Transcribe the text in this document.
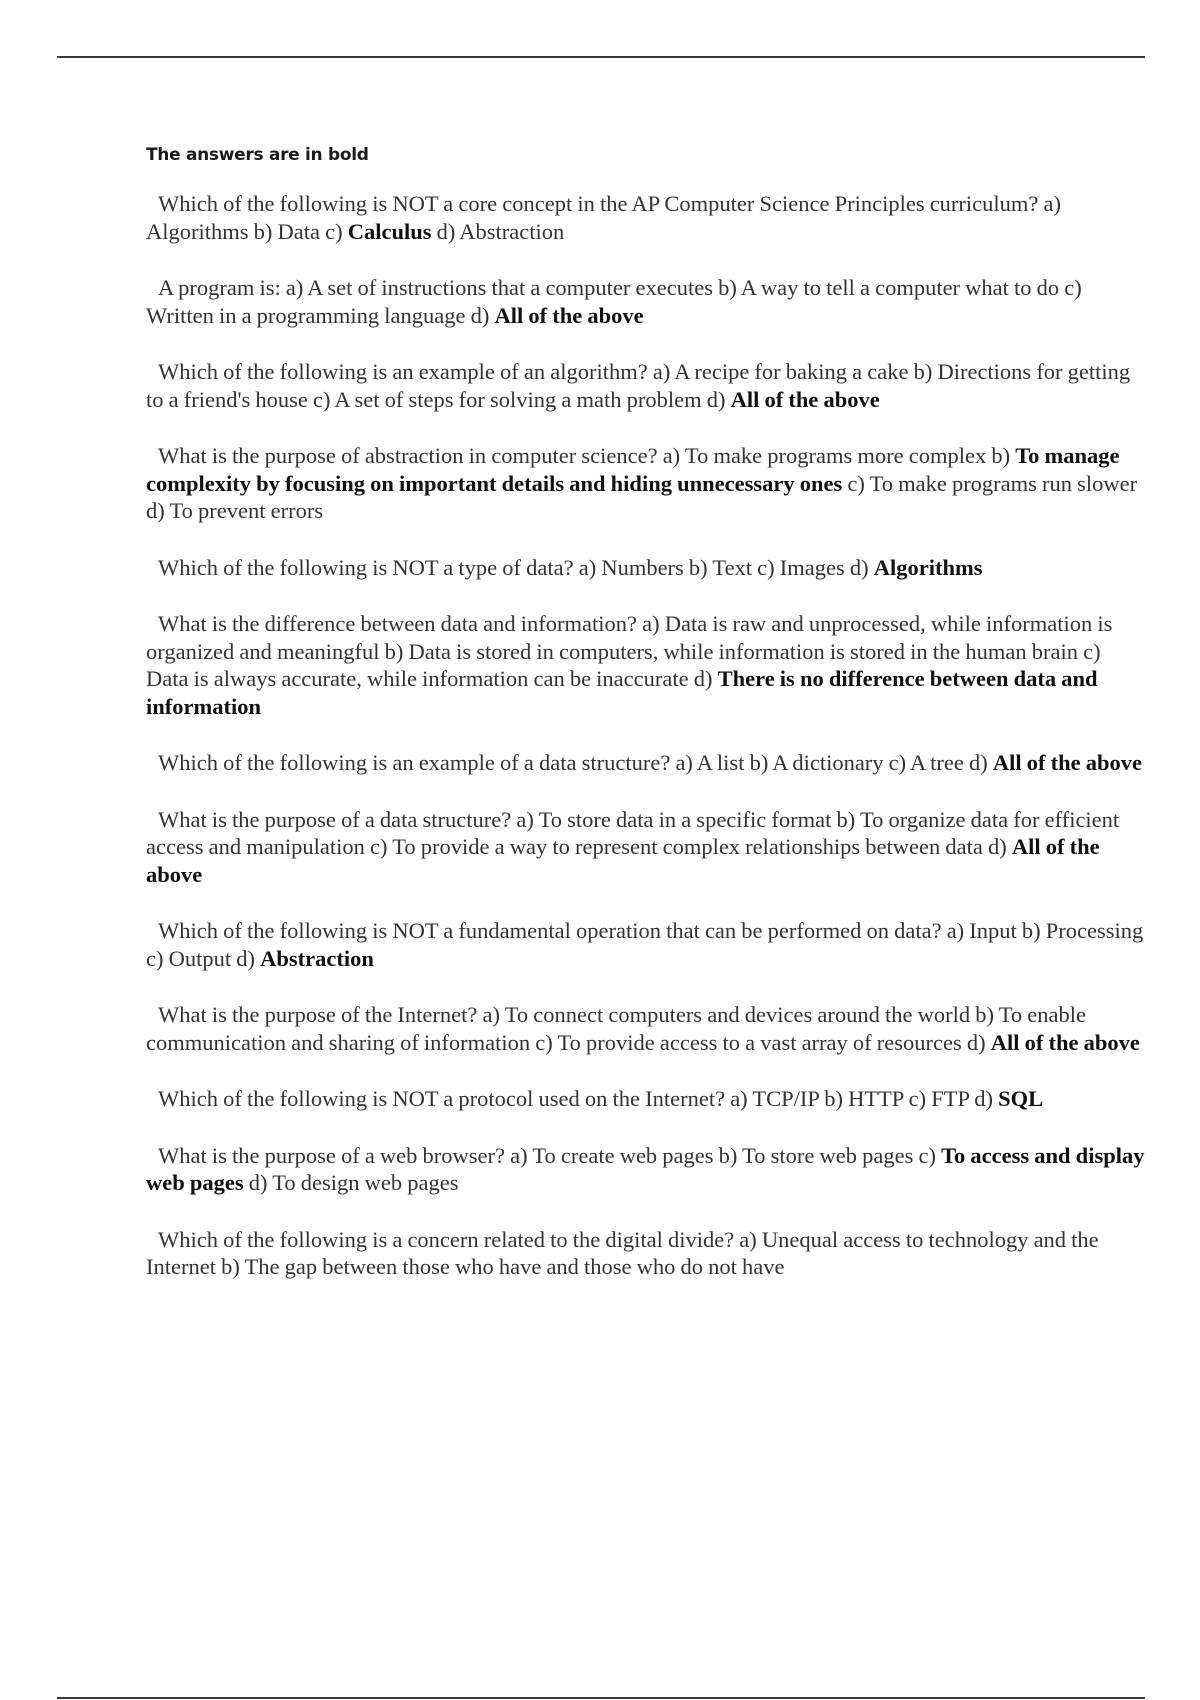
The answers are in bold

Which of the following is NOT a core concept in the AP Computer Science Principles curriculum? a) Algorithms b) Data c) Calculus d) Abstraction

A program is: a) A set of instructions that a computer executes b) A way to tell a computer what to do c) Written in a programming language d) All of the above

Which of the following is an example of an algorithm? a) A recipe for baking a cake b) Directions for getting to a friend's house c) A set of steps for solving a math problem d) All of the above

What is the purpose of abstraction in computer science? a) To make programs more complex b) To manage complexity by focusing on important details and hiding unnecessary ones c) To make programs run slower d) To prevent errors

Which of the following is NOT a type of data? a) Numbers b) Text c) Images d) Algorithms

What is the difference between data and information? a) Data is raw and unprocessed, while information is organized and meaningful b) Data is stored in computers, while information is stored in the human brain c) Data is always accurate, while information can be inaccurate d) There is no difference between data and information

Which of the following is an example of a data structure? a) A list b) A dictionary c) A tree d) All of the above

What is the purpose of a data structure? a) To store data in a specific format b) To organize data for efficient access and manipulation c) To provide a way to represent complex relationships between data d) All of the above

Which of the following is NOT a fundamental operation that can be performed on data? a) Input b) Processing c) Output d) Abstraction

What is the purpose of the Internet? a) To connect computers and devices around the world b) To enable communication and sharing of information c) To provide access to a vast array of resources d) All of the above

Which of the following is NOT a protocol used on the Internet? a) TCP/IP b) HTTP c) FTP d) SQL

What is the purpose of a web browser? a) To create web pages b) To store web pages c) To access and display web pages d) To design web pages

Which of the following is a concern related to the digital divide? a) Unequal access to technology and the Internet b) The gap between those who have and those who do not have
